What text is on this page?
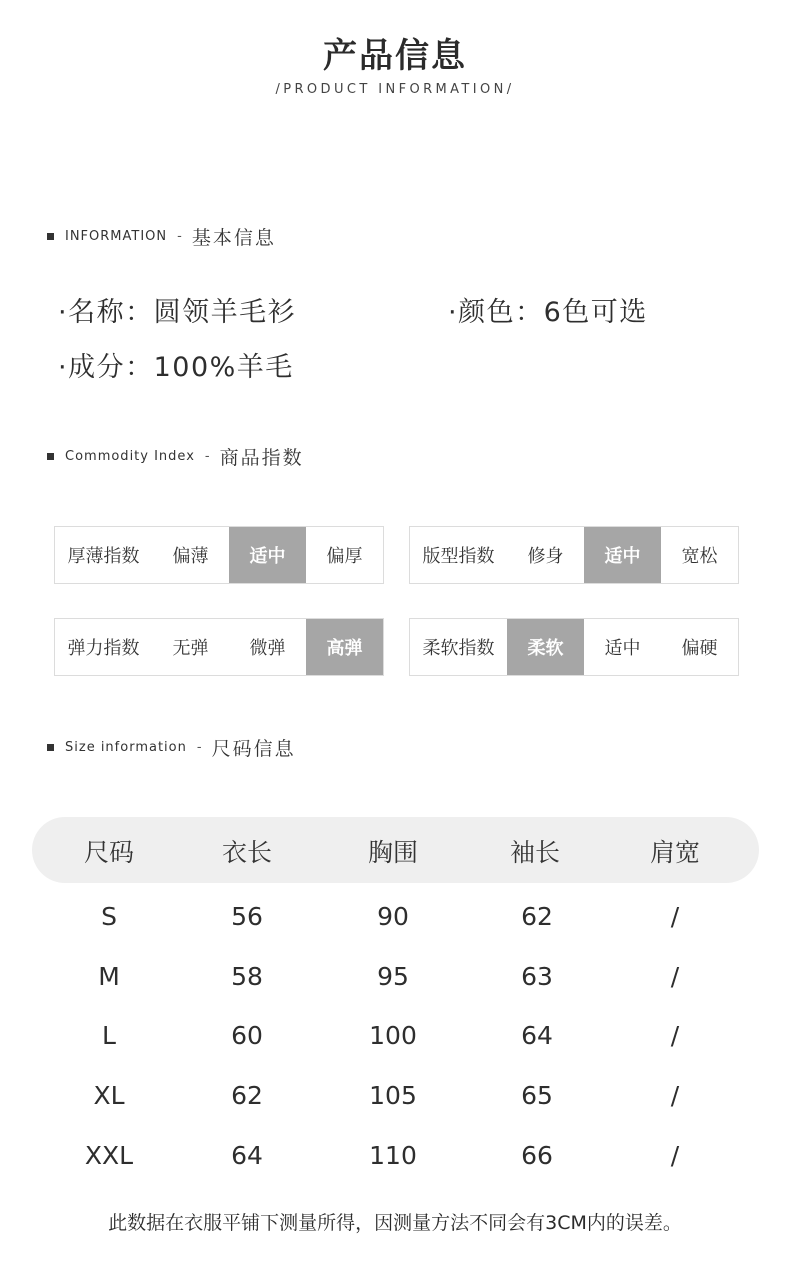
产品信息
/PRODUCT INFORMATION/
INFORMATION - 基本信息
·名称：圆领羊毛衫	·颜色：6色可选
·成分：100%羊毛
Commodity Index - 商品指数
厚薄指数	偏薄	适中	偏厚	版型指数	修身	适中	宽松
弹力指数	无弹	微弹	高弹	柔软指数	柔软	适中	偏硬
Size information - 尺码信息
尺码	衣长	胸围	袖长	肩宽
S	56	90	62	/
M	58	95	63	/
L	60	100	64	/
XL	62	105	65	/
XXL	64	110	66	/
此数据在衣服平铺下测量所得，因测量方法不同会有3CM内的误差。
